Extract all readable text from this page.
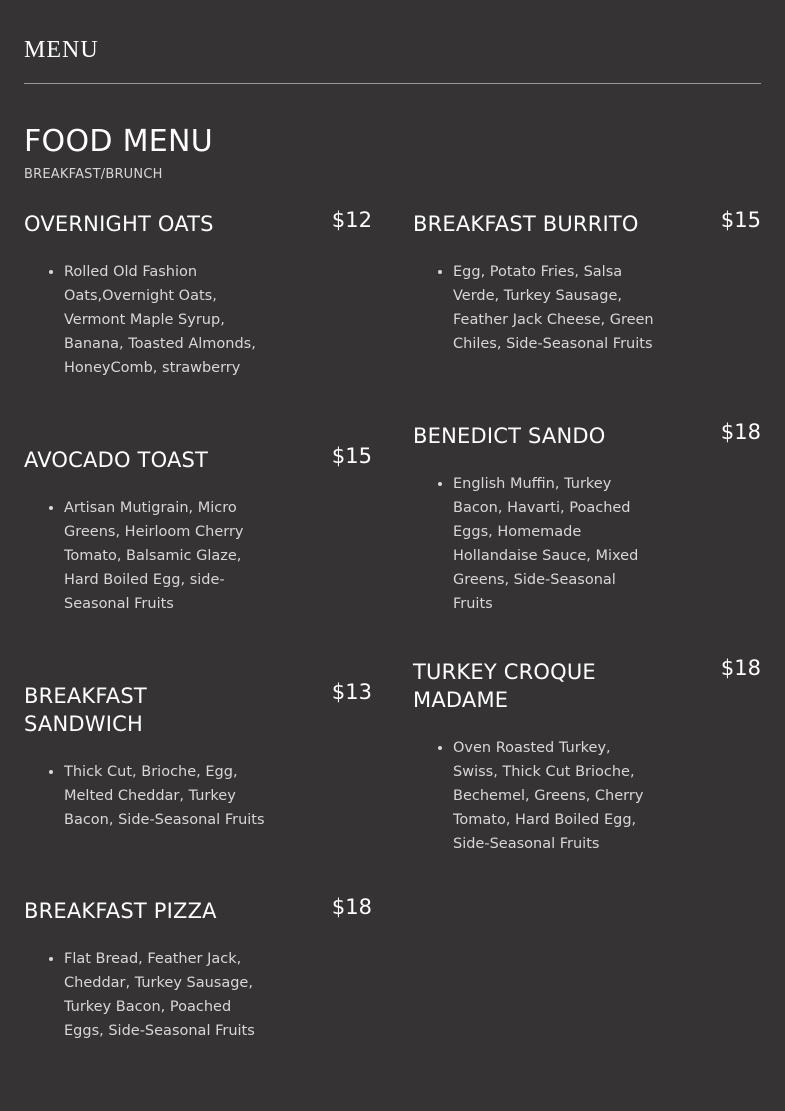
MENU
FOOD MENU
BREAKFAST/BRUNCH
OVERNIGHT OATS	$12
• Rolled Old Fashion Oats,Overnight Oats, Vermont Maple Syrup, Banana, Toasted Almonds, HoneyComb, strawberry
AVOCADO TOAST	$15
• Artisan Mutigrain, Micro Greens, Heirloom Cherry Tomato, Balsamic Glaze, Hard Boiled Egg, side-Seasonal Fruits
BREAKFAST SANDWICH
$13
• Thick Cut, Brioche, Egg, Melted Cheddar, Turkey Bacon, Side-Seasonal Fruits
BREAKFAST PIZZA	$18
• Flat Bread, Feather Jack, Cheddar, Turkey Sausage, Turkey Bacon, Poached Eggs, Side-Seasonal Fruits
BREAKFAST BURRITO	$15
• Egg, Potato Fries, Salsa Verde, Turkey Sausage, Feather Jack Cheese, Green Chiles, Side-Seasonal Fruits
BENEDICT SANDO	$18
• English Muffin, Turkey Bacon, Havarti, Poached Eggs, Homemade Hollandaise Sauce, Mixed Greens, Side-Seasonal Fruits
TURKEY CROQUE MADAME
$18
• Oven Roasted Turkey, Swiss, Thick Cut Brioche, Bechemel, Greens, Cherry Tomato, Hard Boiled Egg, Side-Seasonal Fruits
